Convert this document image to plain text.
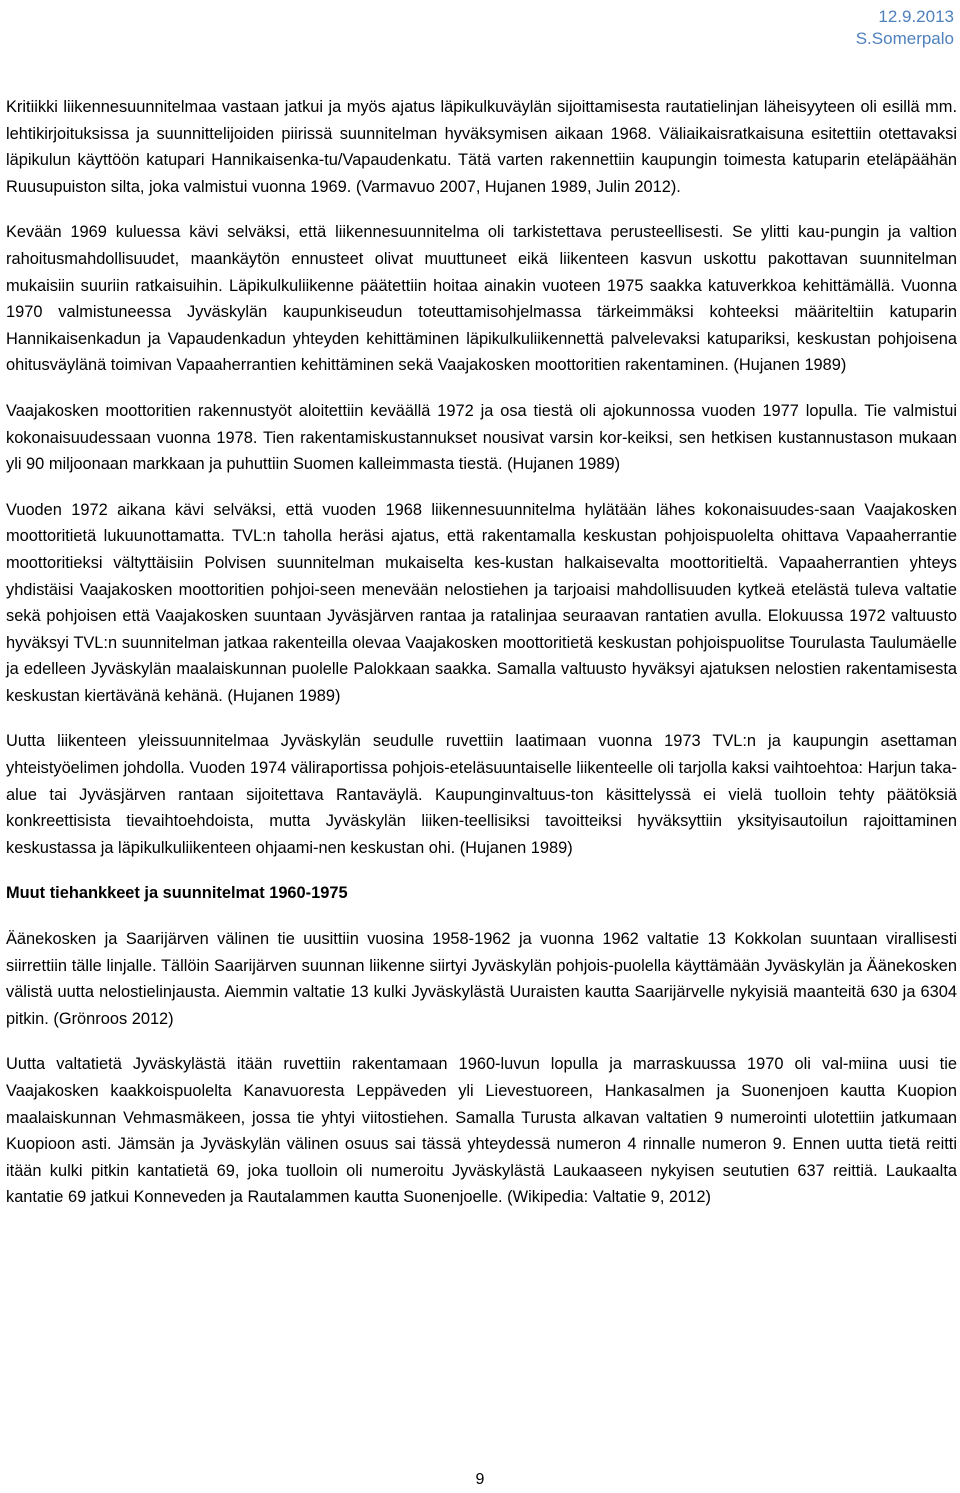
12.9.2013
S.Somerpalo

Kritiikki liikennesuunnitelmaa vastaan jatkui ja myös ajatus läpikulkuväylän sijoittamisesta rautatielinjan läheisyyteen oli esillä mm. lehtikirjoituksissa ja suunnittelijoiden piirissä suunnitelman hyväksymisen aikaan 1968. Väliaikaisratkaisuna esitettiin otettavaksi läpikulun käyttöön katupari Hannikaisenka-tu/Vapaudenkatu. Tätä varten rakennettiin kaupungin toimesta katuparin eteläpäähän Ruusupuiston silta, joka valmistui vuonna 1969. (Varmavuo 2007, Hujanen 1989, Julin 2012).

Kevään 1969 kuluessa kävi selväksi, että liikennesuunnitelma oli tarkistettava perusteellisesti. Se ylitti kau-pungin ja valtion rahoitusmahdollisuudet, maankäytön ennusteet olivat muuttuneet eikä liikenteen kasvun uskottu pakottavan suunnitelman mukaisiin suuriin ratkaisuihin. Läpikulkuliikenne päätettiin hoitaa ainakin vuoteen 1975 saakka katuverkkoa kehittämällä. Vuonna 1970 valmistuneessa Jyväskylän kaupunkiseudun toteuttamisohjelmassa tärkeimmäksi kohteeksi määriteltiin katuparin Hannikaisenkadun ja Vapaudenkadun yhteyden kehittäminen läpikulkuliikennettä palvelevaksi katupariksi, keskustan pohjoisena ohitusväylänä toimivan Vapaaherrantien kehittäminen sekä Vaajakosken moottoritien rakentaminen. (Hujanen 1989)

Vaajakosken moottoritien rakennustyöt aloitettiin keväällä 1972 ja osa tiestä oli ajokunnossa vuoden 1977 lopulla. Tie valmistui kokonaisuudessaan vuonna 1978. Tien rakentamiskustannukset nousivat varsin kor-keiksi, sen hetkisen kustannustason mukaan yli 90 miljoonaan markkaan ja puhuttiin Suomen kalleimmasta tiestä. (Hujanen 1989)

Vuoden 1972 aikana kävi selväksi, että vuoden 1968 liikennesuunnitelma hylätään lähes kokonaisuudes-saan Vaajakosken moottoritietä lukuunottamatta. TVL:n taholla heräsi ajatus, että rakentamalla keskustan pohjoispuolelta ohittava Vapaaherrantie moottoritieksi vältyttäisiin Polvisen suunnitelman mukaiselta kes-kustan halkaisevalta moottoritieltä. Vapaaherrantien yhteys yhdistäisi Vaajakosken moottoritien pohjoi-seen menevään nelostiehen ja tarjoaisi mahdollisuuden kytkeä etelästä tuleva valtatie sekä pohjoisen että Vaajakosken suuntaan Jyväsjärven rantaa ja ratalinjaa seuraavan rantatien avulla. Elokuussa 1972 valtuusto hyväksyi TVL:n suunnitelman jatkaa rakenteilla olevaa Vaajakosken moottoritietä keskustan pohjoispuolitse Tourulasta Taulumäelle ja edelleen Jyväskylän maalaiskunnan puolelle Palokkaan saakka. Samalla valtuusto hyväksyi ajatuksen nelostien rakentamisesta keskustan kiertävänä kehänä. (Hujanen 1989)

Uutta liikenteen yleissuunnitelmaa Jyväskylän seudulle ruvettiin laatimaan vuonna 1973 TVL:n ja kaupungin asettaman yhteistyöelimen johdolla. Vuoden 1974 väliraportissa pohjois-eteläsuuntaiselle liikenteelle oli tarjolla kaksi vaihtoehtoa: Harjun taka-alue tai Jyväsjärven rantaan sijoitettava Rantaväylä. Kaupunginvaltuus-ton käsittelyssä ei vielä tuolloin tehty päätöksiä konkreettisista tievaihtoehdoista, mutta Jyväskylän liiken-teellisiksi tavoitteiksi hyväksyttiin yksityisautoilun rajoittaminen keskustassa ja läpikulkuliikenteen ohjaami-nen keskustan ohi. (Hujanen 1989)

Muut tiehankkeet ja suunnitelmat 1960-1975

Äänekosken ja Saarijärven välinen tie uusittiin vuosina 1958-1962 ja vuonna 1962 valtatie 13 Kokkolan suuntaan virallisesti siirrettiin tälle linjalle. Tällöin Saarijärven suunnan liikenne siirtyi Jyväskylän pohjois-puolella käyttämään Jyväskylän ja Äänekosken välistä uutta nelostielinjausta. Aiemmin valtatie 13 kulki Jyväskylästä Uuraisten kautta Saarijärvelle nykyisiä maanteitä 630 ja 6304 pitkin. (Grönroos 2012)

Uutta valtatietä Jyväskylästä itään ruvettiin rakentamaan 1960-luvun lopulla ja marraskuussa 1970 oli val-miina uusi tie Vaajakosken kaakkoispuolelta Kanavuoresta Leppäveden yli Lievestuoreen, Hankasalmen ja Suonenjoen kautta Kuopion maalaiskunnan Vehmasmäkeen, jossa tie yhtyi viitostiehen. Samalla Turusta alkavan valtatien 9 numerointi ulotettiin jatkumaan Kuopioon asti. Jämsän ja Jyväskylän välinen osuus sai tässä yhteydessä numeron 4 rinnalle numeron 9. Ennen uutta tietä reitti itään kulki pitkin kantatietä 69, joka tuolloin oli numeroitu Jyväskylästä Laukaaseen nykyisen seututien 637 reittiä. Laukaalta kantatie 69 jatkui Konneveden ja Rautalammen kautta Suonenjoelle. (Wikipedia: Valtatie 9, 2012)

9
